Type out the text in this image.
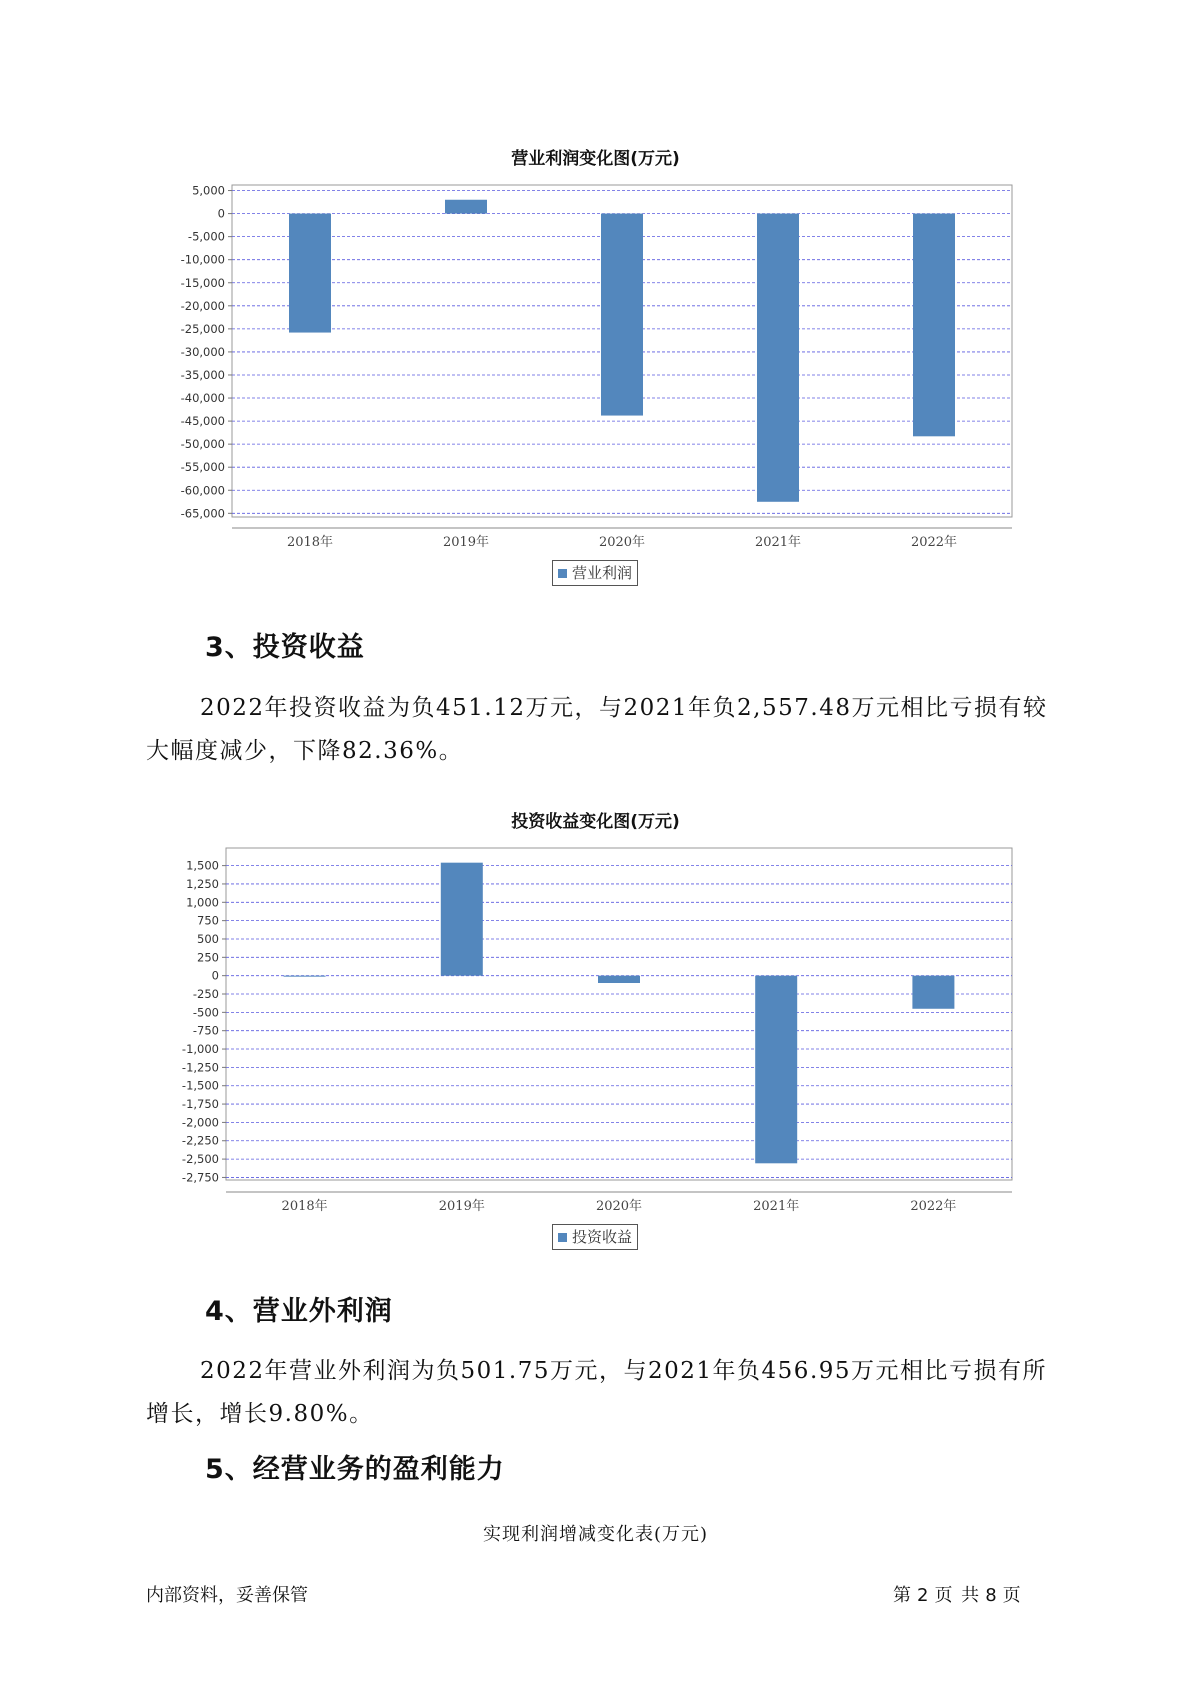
营业利润变化图(万元)
5,000
0
-5,000
-10,000
-15,000
-20,000
-25,000
-30,000
-35,000
-40,000
-45,000
-50,000
-55,000
-60,000
-65,000
2018年	2019年	2020年	2021年	2022年
营业利润
3、投资收益
2022年投资收益为负451.12万元，与2021年负2,557.48万元相比亏损有较大幅度减少，下降82.36%。
投资收益变化图(万元)
1,500
1,250
1,000
750
500
250
0
-250
-500
-750
-1,000
-1,250
-1,500
-1,750
-2,000
-2,250
-2,500
-2,750
2018年	2019年	2020年	2021年	2022年
投资收益
4、营业外利润
2022年营业外利润为负501.75万元，与2021年负456.95万元相比亏损有所增长，增长9.80%。
5、经营业务的盈利能力
实现利润增减变化表(万元)
内部资料，妥善保管	第 2 页 共 8 页
